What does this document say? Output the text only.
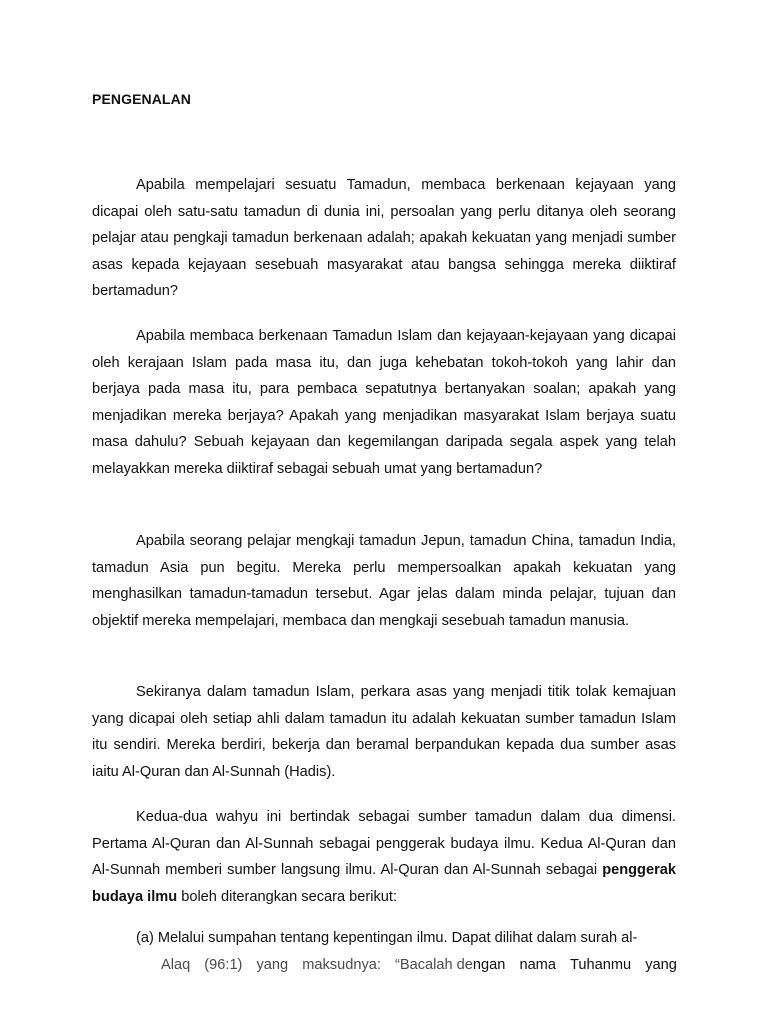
PENGENALAN

Apabila mempelajari sesuatu Tamadun, membaca berkenaan kejayaan yang dicapai oleh satu-satu tamadun di dunia ini, persoalan yang perlu ditanya oleh seorang pelajar atau pengkaji tamadun berkenaan adalah; apakah kekuatan yang menjadi sumber asas kepada kejayaan sesebuah masyarakat atau bangsa sehingga mereka diiktiraf bertamadun?

Apabila membaca berkenaan Tamadun Islam dan kejayaan-kejayaan yang dicapai oleh kerajaan Islam pada masa itu, dan juga kehebatan tokoh-tokoh yang lahir dan berjaya pada masa itu, para pembaca sepatutnya bertanyakan soalan; apakah yang menjadikan mereka berjaya? Apakah yang menjadikan masyarakat Islam berjaya suatu masa dahulu? Sebuah kejayaan dan kegemilangan daripada segala aspek yang telah melayakkan mereka diiktiraf sebagai sebuah umat yang bertamadun?

Apabila seorang pelajar mengkaji tamadun Jepun, tamadun China, tamadun India, tamadun Asia pun begitu. Mereka perlu mempersoalkan apakah kekuatan yang menghasilkan tamadun-tamadun tersebut. Agar jelas dalam minda pelajar, tujuan dan objektif mereka mempelajari, membaca dan mengkaji sesebuah tamadun manusia.

Sekiranya dalam tamadun Islam, perkara asas yang menjadi titik tolak kemajuan yang dicapai oleh setiap ahli dalam tamadun itu adalah kekuatan sumber tamadun Islam itu sendiri. Mereka berdiri, bekerja dan beramal berpandukan kepada dua sumber asas iaitu Al-Quran dan Al-Sunnah (Hadis).

Kedua-dua wahyu ini bertindak sebagai sumber tamadun dalam dua dimensi. Pertama Al-Quran dan Al-Sunnah sebagai penggerak budaya ilmu. Kedua Al-Quran dan Al-Sunnah memberi sumber langsung ilmu. Al-Quran dan Al-Sunnah sebagai penggerak budaya ilmu boleh diterangkan secara berikut:

(a) Melalui sumpahan tentang kepentingan ilmu. Dapat dilihat dalam surah al-

Alaq (96:1) yang maksudnya: “Bacalah dengan nama Tuhanmu yang
